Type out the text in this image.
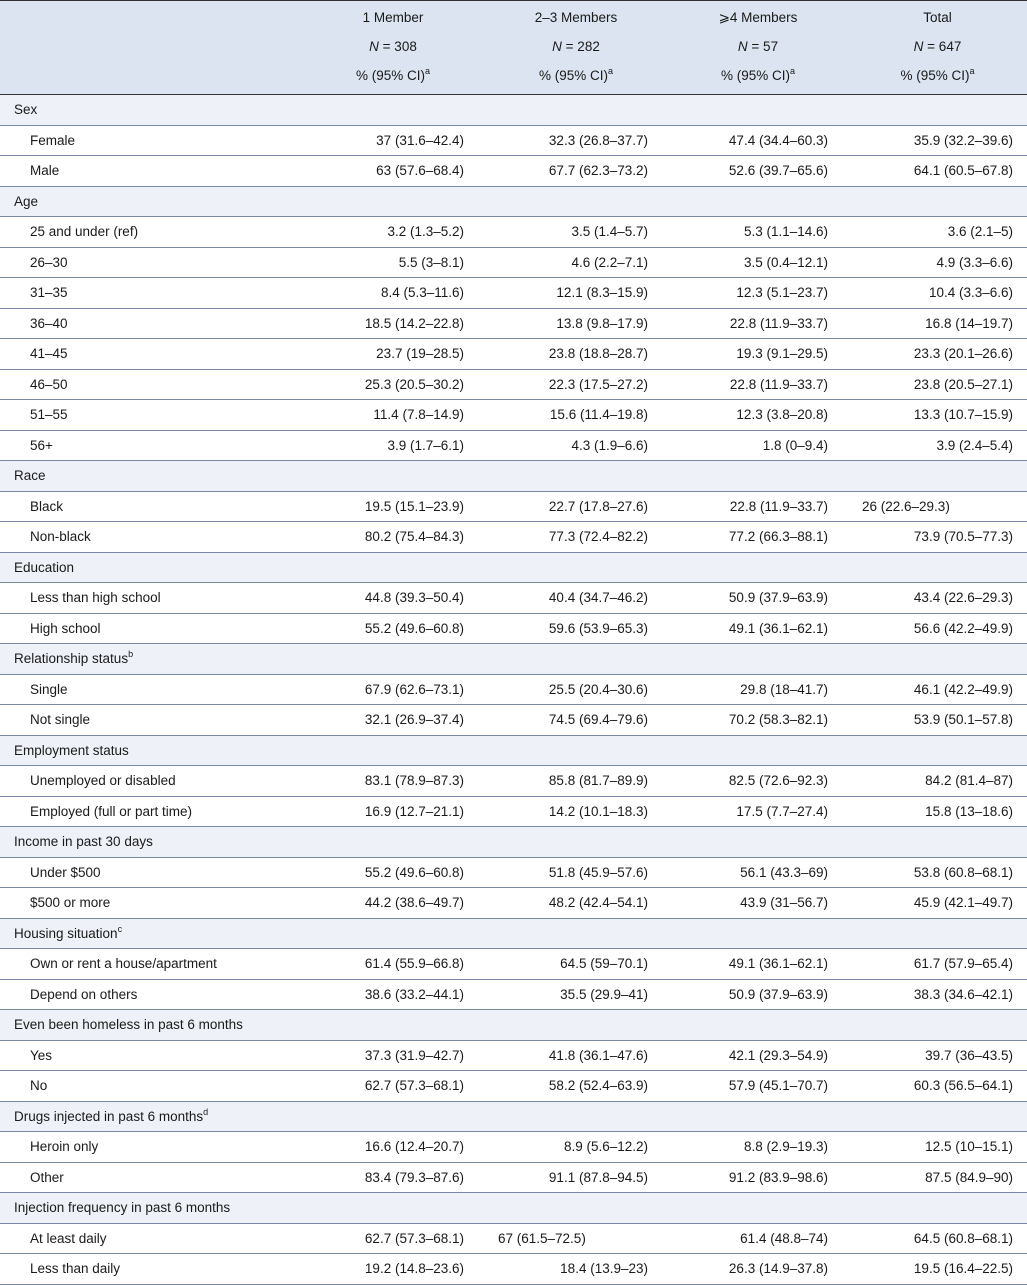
	1 Member	2–3 Members	⩾4 Members	Total
	N = 308	N = 282	N = 57	N = 647
	% (95% CI)$^a$	% (95% CI)$^a$	% (95% CI)$^a$	% (95% CI)$^a$
Sex				
Female	37 (31.6–42.4)	32.3 (26.8–37.7)	47.4 (34.4–60.3)	35.9 (32.2–39.6)
Male	63 (57.6–68.4)	67.7 (62.3–73.2)	52.6 (39.7–65.6)	64.1 (60.5–67.8)
Age				
25 and under (ref)	3.2 (1.3–5.2)	3.5 (1.4–5.7)	5.3 (1.1–14.6)	3.6 (2.1–5)
26–30	5.5 (3–8.1)	4.6 (2.2–7.1)	3.5 (0.4–12.1)	4.9 (3.3–6.6)
31–35	8.4 (5.3–11.6)	12.1 (8.3–15.9)	12.3 (5.1–23.7)	10.4 (3.3–6.6)
36–40	18.5 (14.2–22.8)	13.8 (9.8–17.9)	22.8 (11.9–33.7)	16.8 (14–19.7)
41–45	23.7 (19–28.5)	23.8 (18.8–28.7)	19.3 (9.1–29.5)	23.3 (20.1–26.6)
46–50	25.3 (20.5–30.2)	22.3 (17.5–27.2)	22.8 (11.9–33.7)	23.8 (20.5–27.1)
51–55	11.4 (7.8–14.9)	15.6 (11.4–19.8)	12.3 (3.8–20.8)	13.3 (10.7–15.9)
56+	3.9 (1.7–6.1)	4.3 (1.9–6.6)	1.8 (0–9.4)	3.9 (2.4–5.4)
Race				
Black	19.5 (15.1–23.9)	22.7 (17.8–27.6)	22.8 (11.9–33.7)	26 (22.6–29.3)
Non-black	80.2 (75.4–84.3)	77.3 (72.4–82.2)	77.2 (66.3–88.1)	73.9 (70.5–77.3)
Education				
Less than high school	44.8 (39.3–50.4)	40.4 (34.7–46.2)	50.9 (37.9–63.9)	43.4 (22.6–29.3)
High school	55.2 (49.6–60.8)	59.6 (53.9–65.3)	49.1 (36.1–62.1)	56.6 (42.2–49.9)
Relationship status$^b$
Single	67.9 (62.6–73.1)	25.5 (20.4–30.6)	29.8 (18–41.7)	46.1 (42.2–49.9)
Not single	32.1 (26.9–37.4)	74.5 (69.4–79.6)	70.2 (58.3–82.1)	53.9 (50.1–57.8)
Employment status				
Unemployed or disabled	83.1 (78.9–87.3)	85.8 (81.7–89.9)	82.5 (72.6–92.3)	84.2 (81.4–87)
Employed (full or part time)	16.9 (12.7–21.1)	14.2 (10.1–18.3)	17.5 (7.7–27.4)	15.8 (13–18.6)
Income in past 30 days				
Under $500	55.2 (49.6–60.8)	51.8 (45.9–57.6)	56.1 (43.3–69)	53.8 (60.8–68.1)
$500 or more	44.2 (38.6–49.7)	48.2 (42.4–54.1)	43.9 (31–56.7)	45.9 (42.1–49.7)
Housing situation$^c$
Own or rent a house/apartment	61.4 (55.9–66.8)	64.5 (59–70.1)	49.1 (36.1–62.1)	61.7 (57.9–65.4)
Depend on others	38.6 (33.2–44.1)	35.5 (29.9–41)	50.9 (37.9–63.9)	38.3 (34.6–42.1)
Even been homeless in past 6 months				
Yes	37.3 (31.9–42.7)	41.8 (36.1–47.6)	42.1 (29.3–54.9)	39.7 (36–43.5)
No	62.7 (57.3–68.1)	58.2 (52.4–63.9)	57.9 (45.1–70.7)	60.3 (56.5–64.1)
Drugs injected in past 6 months$^d$
Heroin only	16.6 (12.4–20.7)	8.9 (5.6–12.2)	8.8 (2.9–19.3)	12.5 (10–15.1)
Other	83.4 (79.3–87.6)	91.1 (87.8–94.5)	91.2 (83.9–98.6)	87.5 (84.9–90)
Injection frequency in past 6 months				
At least daily	62.7 (57.3–68.1)	67 (61.5–72.5)	61.4 (48.8–74)	64.5 (60.8–68.1)
Less than daily	19.2 (14.8–23.6)	18.4 (13.9–23)	26.3 (14.9–37.8)	19.5 (16.4–22.5)
